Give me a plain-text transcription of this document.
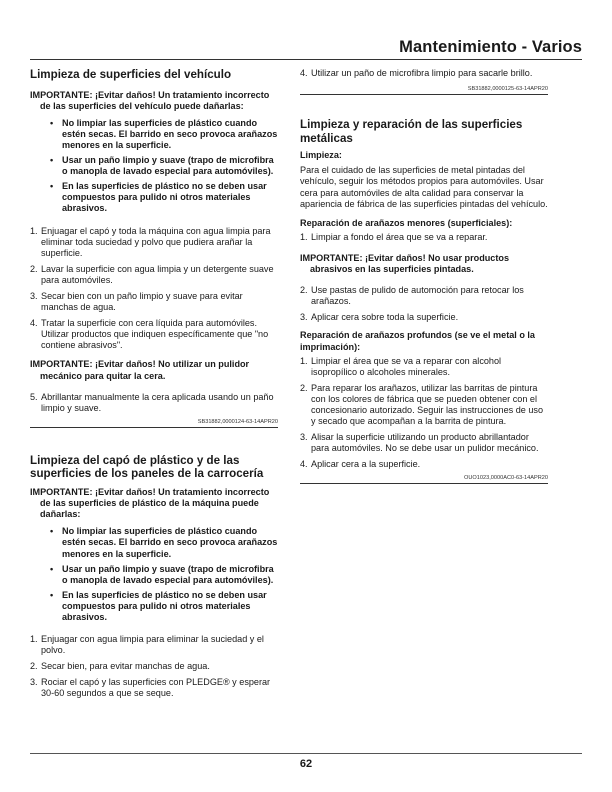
Mantenimiento - Varios
Limpieza de superficies del vehículo

IMPORTANTE: ¡Evitar daños! Un tratamiento incorrecto de las superficies del vehículo puede dañarlas:

• No limpiar las superficies de plástico cuando estén secas. El barrido en seco provoca arañazos menores en la superficie.
• Usar un paño limpio y suave (trapo de microfibra o manopla de lavado especial para automóviles).
• En las superficies de plástico no se deben usar compuestos para pulido ni otros materiales abrasivos.
1. Enjuagar el capó y toda la máquina con agua limpia para eliminar toda suciedad y polvo que pudiera arañar la superficie.
2. Lavar la superficie con agua limpia y un detergente suave para automóviles.
3. Secar bien con un paño limpio y suave para evitar manchas de agua.
4. Tratar la superficie con cera líquida para automóviles. Utilizar productos que indiquen específicamente que "no contiene abrasivos".

IMPORTANTE: ¡Evitar daños! No utilizar un pulidor mecánico para quitar la cera.

5. Abrillantar manualmente la cera aplicada usando un paño limpio y suave.
SB31882,0000124-63-14APR20
Limpieza del capó de plástico y de las superficies de los paneles de la carrocería

IMPORTANTE: ¡Evitar daños! Un tratamiento incorrecto de las superficies de plástico de la máquina puede dañarlas:

• No limpiar las superficies de plástico cuando estén secas. El barrido en seco provoca arañazos menores en la superficie.
• Usar un paño limpio y suave (trapo de microfibra o manopla de lavado especial para automóviles).
• En las superficies de plástico no se deben usar compuestos para pulido ni otros materiales abrasivos.
1. Enjuagar con agua limpia para eliminar la suciedad y el polvo.
2. Secar bien, para evitar manchas de agua.
3. Rociar el capó y las superficies con PLEDGE® y esperar 30-60 segundos a que se seque.
4. Utilizar un paño de microfibra limpio para sacarle brillo.
SB31882,0000125-63-14APR20
Limpieza y reparación de las superficies metálicas

Limpieza:

Para el cuidado de las superficies de metal pintadas del vehículo, seguir los métodos propios para automóviles. Usar cera para automóviles de alta calidad para conservar la apariencia de fábrica de las superficies pintadas del vehículo.

Reparación de arañazos menores (superficiales):

1. Limpiar a fondo el área que se va a reparar.

IMPORTANTE: ¡Evitar daños! No usar productos abrasivos en las superficies pintadas.

2. Use pastas de pulido de automoción para retocar los arañazos.
3. Aplicar cera sobre toda la superficie.

Reparación de arañazos profundos (se ve el metal o la imprimación):

1. Limpiar el área que se va a reparar con alcohol isopropílico o alcoholes minerales.
2. Para reparar los arañazos, utilizar las barritas de pintura con los colores de fábrica que se pueden obtener con el concesionario autorizado. Seguir las instrucciones de uso y secado que acompañan a la barrita de pintura.
3. Alisar la superficie utilizando un producto abrillantador para automóviles. No se debe usar un pulidor mecánico.
4. Aplicar cera a la superficie.
OUO1023,0000AC0-63-14APR20
62
